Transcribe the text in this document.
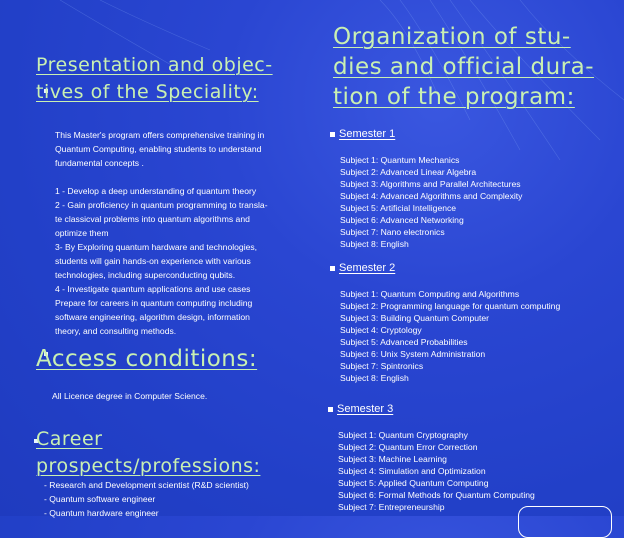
Presentation and objec-
tives of the Speciality:
This Master's program offers comprehensive training in
Quantum Computing, enabling students to understand
fundamental concepts .
1 - Develop a deep understanding of quantum theory
2 - Gain proficiency in quantum programming to transla-
te classicval problems into quantum algorithms and
optimize them
3- By Exploring quantum hardware and technologies,
students will gain hands-on experience with various
technologies, including superconducting qubits.
4 - Investigate quantum applications and use cases
Prepare for careers in quantum computing including
software engineering, algorithm design, information
theory, and consulting methods.
Access conditions:
All Licence degree in Computer Science.
Career prospects/professions:
- Research and Development scientist (R&D scientist)
- Quantum software engineer
- Quantum hardware engineer
Organization of stu-
dies and official dura-
tion of the program:
Semester 1
Subject 1: Quantum Mechanics
Subject 2: Advanced Linear Algebra
Subject 3: Algorithms and Parallel Architectures
Subject 4: Advanced Algorithms and Complexity
Subject 5: Artificial Intelligence
Subject 6: Advanced Networking
Subject 7: Nano electronics
Subject 8: English
Semester 2
Subject 1: Quantum Computing and Algorithms
Subject 2: Programming language for quantum computing
Subject 3: Building Quantum Computer
Subject 4: Cryptology
Subject 5: Advanced Probabilities
Subject 6: Unix System Administration
Subject 7: Spintronics
Subject 8: English
Semester 3
Subject 1: Quantum Cryptography
Subject 2: Quantum Error Correction
Subject 3: Machine Learning
Subject 4: Simulation and Optimization
Subject 5: Applied Quantum Computing
Subject 6: Formal Methods for Quantum Computing
Subject 7: Entrepreneurship
